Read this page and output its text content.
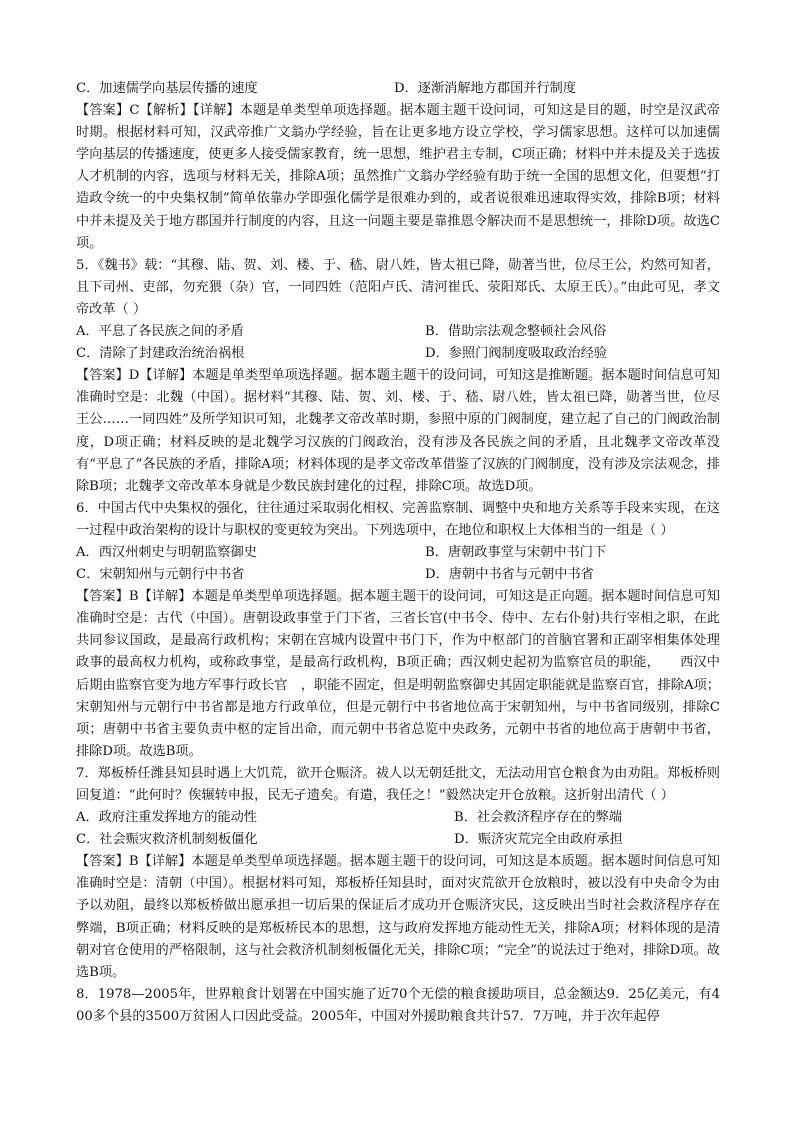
C．加速儒学向基层传播的速度	D．逐渐消解地方郡国并行制度

【答案】C【解析】【详解】本题是单类型单项选择题。据本题主题干设问词，可知这是目的题，时空是汉武帝时期。根据材料可知，汉武帝推广文翁办学经验，旨在让更多地方设立学校，学习儒家思想。这样可以加速儒学向基层的传播速度，使更多人接受儒家教育，统一思想，维护君主专制，C项正确；材料中并未提及关于选拔人才机制的内容，选项与材料无关，排除A项；虽然推广文翁办学经验有助于统一全国的思想文化，但要想“打造政令统一的中央集权制”简单依靠办学即强化儒学是很难办到的，或者说很难迅速取得实效，排除B项；材料中并未提及关于地方郡国并行制度的内容，且这一问题主要是靠推恩令解决而不是思想统一，排除D项。故选C项。

5．《魏书》载：“其穆、陆、贺、刘、楼、于、嵇、尉八姓，皆太祖已降，勋著当世，位尽王公，灼然可知者，且下司州、吏部，勿充猥（杂）官，一同四姓（范阳卢氏、清河崔氏、荥阳郑氏、太原王氏）。”由此可见，孝文帝改革（ ）

A．平息了各民族之间的矛盾	B．借助宗法观念整顿社会风俗
C．清除了封建政治统治祸根	D．参照门阀制度吸取政治经验

【答案】D【详解】本题是单类型单项选择题。据本题主题干的设问词，可知这是推断题。据本题时间信息可知准确时空是：北魏（中国）。据材料“其穆、陆、贺、刘、楼、于、嵇、尉八姓，皆太祖已降，勋著当世，位尽王公……一同四姓”及所学知识可知，北魏孝文帝改革时期，参照中原的门阀制度，建立起了自己的门阀政治制度，D项正确；材料反映的是北魏学习汉族的门阀政治，没有涉及各民族之间的矛盾，且北魏孝文帝改革没有“平息了”各民族的矛盾，排除A项；材料体现的是孝文帝改革借鉴了汉族的门阀制度，没有涉及宗法观念，排除B项；北魏孝文帝改革本身就是少数民族封建化的过程，排除C项。故选D项。

6．中国古代中央集权的强化，往往通过采取弱化相权、完善监察制、调整中央和地方关系等手段来实现，在这一过程中政治架构的设计与职权的变更较为突出。下列选项中，在地位和职权上大体相当的一组是（ ）

A．西汉州刺史与明朝监察御史	B．唐朝政事堂与宋朝中书门下
C．宋朝知州与元朝行中书省	D．唐朝中书省与元朝中书省

【答案】B【详解】本题是单类型单项选择题。据本题主题干的设问词，可知这是正向题。据本题时间信息可知准确时空是：古代（中国）。唐朝设政事堂于门下省，三省长官(中书令、侍中、左右仆射)共行宰相之职，在此共同参议国政，是最高行政机构；宋朝在宫城内设置中书门下，作为中枢部门的首脑官署和正副宰相集体处理政事的最高权力机构，或称政事堂，是最高行政机构，B项正确；西汉刺史起初为监察官员的职能，　　西汉中后期由监察官变为地方军事行政长官　，职能不固定，但是明朝监察御史其固定职能就是监察百官，排除A项；宋朝知州与元朝行中书省都是地方行政单位，但是元朝行中书省地位高于宋朝知州，与中书省同级别，排除C项；唐朝中书省主要负责中枢的定旨出命，而元朝中书省总览中央政务，元朝中书省的地位高于唐朝中书省，排除D项。故选B项。

7．郑板桥任潍县知县时遇上大饥荒，欲开仓赈济。祓人以无朝廷批文，无法动用官仓粮食为由劝阻。郑板桥则回复道：“此何时？俟辗转申报，民无孑遗矣。有遣，我任之！”毅然决定开仓放粮。这折射出清代（ ）

A．政府注重发挥地方的能动性	B．社会救济程序存在的弊端
C．社会赈灾救济机制刻板僵化	D．赈济灾荒完全由政府承担

【答案】B【详解】本题是单类型单项选择题。据本题主题干的设问词，可知这是本质题。据本题时间信息可知准确时空是：清朝（中国）。根据材料可知，郑板桥任知县时，面对灾荒欲开仓放粮时，被以没有中央命令为由予以劝阻，最终以郑板桥做出愿承担一切后果的保证后才成功开仓赈济灾民，这反映出当时社会救济程序存在弊端，B项正确；材料反映的是郑板桥民本的思想，这与政府发挥地方能动性无关，排除A项；材料体现的是清朝对官仓使用的严格限制，这与社会救济机制刻板僵化无关，排除C项；“完全”的说法过于绝对，排除D项。故选B项。

8．1978—2005年，世界粮食计划署在中国实施了近70个无偿的粮食援助项目，总金额达9．25亿美元，有400多个县的3500万贫困人口因此受益。2005年，中国对外援助粮食共计57．7万吨，并于次年起停
